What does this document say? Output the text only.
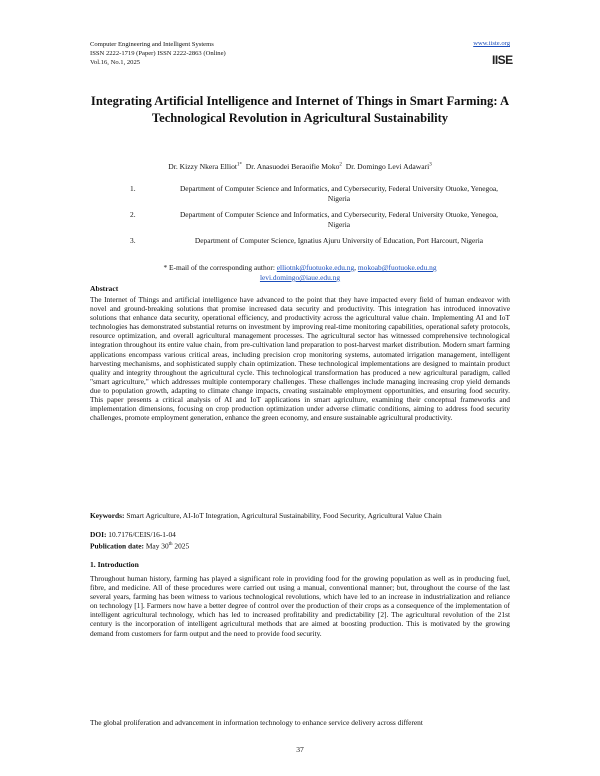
Computer Engineering and Intelligent Systems
ISSN 2222-1719 (Paper) ISSN 2222-2863 (Online)
Vol.16, No.1, 2025
www.iiste.org
IISE
Integrating Artificial Intelligence and Internet of Things in Smart Farming: A Technological Revolution in Agricultural Sustainability
Dr. Kizzy Nkera Elliot$^{1*}$ Dr. Anasuodei Beraoifie Moko$^2$ Dr. Domingo Levi Adawari$^3$
1.	Department of Computer Science and Informatics, and Cybersecurity, Federal University Otuoke, Yenegoa, Nigeria
2.	Department of Computer Science and Informatics, and Cybersecurity, Federal University Otuoke, Yenegoa, Nigeria
3.	Department of Computer Science, Ignatius Ajuru University of Education, Port Harcourt, Nigeria
* E-mail of the corresponding author: elliotnk@fuotuoke.edu.ng, mokoab@fuotuoke.edu.ng
levi.domingo@iaue.edu.ng
Abstract
The Internet of Things and artificial intelligence have advanced to the point that they have impacted every field of human endeavor with novel and ground-breaking solutions that promise increased data security and productivity. This integration has introduced innovative solutions that enhance data security, operational efficiency, and productivity across the agricultural value chain. Implementing AI and IoT technologies has demonstrated substantial returns on investment by improving real-time monitoring capabilities, operational safety protocols, resource optimization, and overall agricultural management processes. The agricultural sector has witnessed comprehensive technological integration throughout its entire value chain, from pre-cultivation land preparation to post-harvest market distribution. Modern smart farming applications encompass various critical areas, including precision crop monitoring systems, automated irrigation management, intelligent harvesting mechanisms, and sophisticated supply chain optimization. These technological implementations are designed to maintain product quality and integrity throughout the agricultural cycle. This technological transformation has produced a new agricultural paradigm, called "smart agriculture," which addresses multiple contemporary challenges. These challenges include managing increasing crop yield demands due to population growth, adapting to climate change impacts, creating sustainable employment opportunities, and ensuring food security. This paper presents a critical analysis of AI and IoT applications in smart agriculture, examining their conceptual frameworks and implementation dimensions, focusing on crop production optimization under adverse climatic conditions, aiming to address food security challenges, promote employment generation, enhance the green economy, and ensure sustainable agricultural productivity.
Keywords: Smart Agriculture, AI-IoT Integration, Agricultural Sustainability, Food Security, Agricultural Value Chain
DOI: 10.7176/CEIS/16-1-04
Publication date: May 30th 2025
1. Introduction
Throughout human history, farming has played a significant role in providing food for the growing population as well as in producing fuel, fibre, and medicine. All of these procedures were carried out using a manual, conventional manner; but, throughout the course of the last several years, farming has been witness to various technological revolutions, which have led to an increase in industrialization and reliance on technology [1]. Farmers now have a better degree of control over the production of their crops as a consequence of the implementation of intelligent agricultural technology, which has led to increased profitability and predictability [2]. The agricultural revolution of the 21st century is the incorporation of intelligent agricultural methods that are aimed at boosting production. This is motivated by the growing demand from customers for farm output and the need to provide food security.
The global proliferation and advancement in information technology to enhance service delivery across different
37
